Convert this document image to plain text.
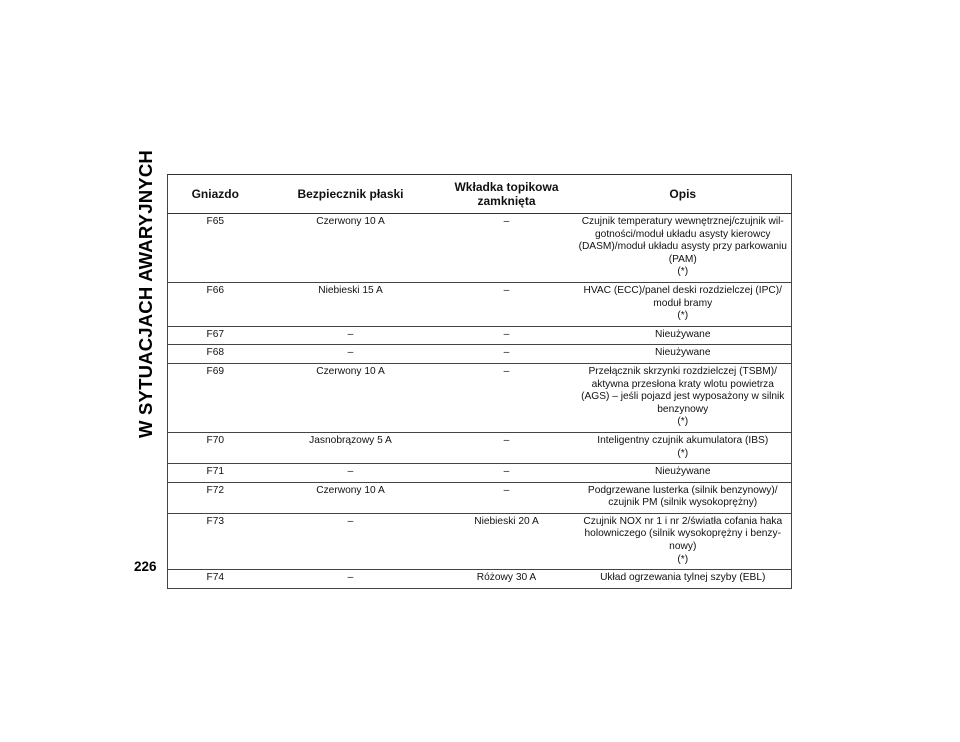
W SYTUACJACH AWARYJNYCH
226
Gniazdo	Bezpiecznik płaski	Wkładka topikowa zamknięta	Opis
F65	Czerwony 10 A	–	Czujnik temperatury wewnętrznej/czujnik wil-
gotności/moduł układu asysty kierowcy
(DASM)/moduł układu asysty przy parkowaniu
(PAM)
(*)

F66	Niebieski 15 A	–	HVAC (ECC)/panel deski rozdzielczej (IPC)/
moduł bramy
(*)

F67	–	–	Nieużywane

F68	–	–	Nieużywane

F69	Czerwony 10 A	–	Przełącznik skrzynki rozdzielczej (TSBM)/
aktywna przesłona kraty wlotu powietrza
(AGS) – jeśli pojazd jest wyposażony w silnik
benzynowy
(*)

F70	Jasnobrązowy 5 A	–	Inteligentny czujnik akumulatora (IBS)
(*)

F71	–	–	Nieużywane

F72	Czerwony 10 A	–	Podgrzewane lusterka (silnik benzynowy)/
czujnik PM (silnik wysokoprężny)

F73	–	Niebieski 20 A	Czujnik NOX nr 1 i nr 2/światła cofania haka
holowniczego (silnik wysokoprężny i benzy-
nowy)
(*)

F74	–	Różowy 30 A	Układ ogrzewania tylnej szyby (EBL)
